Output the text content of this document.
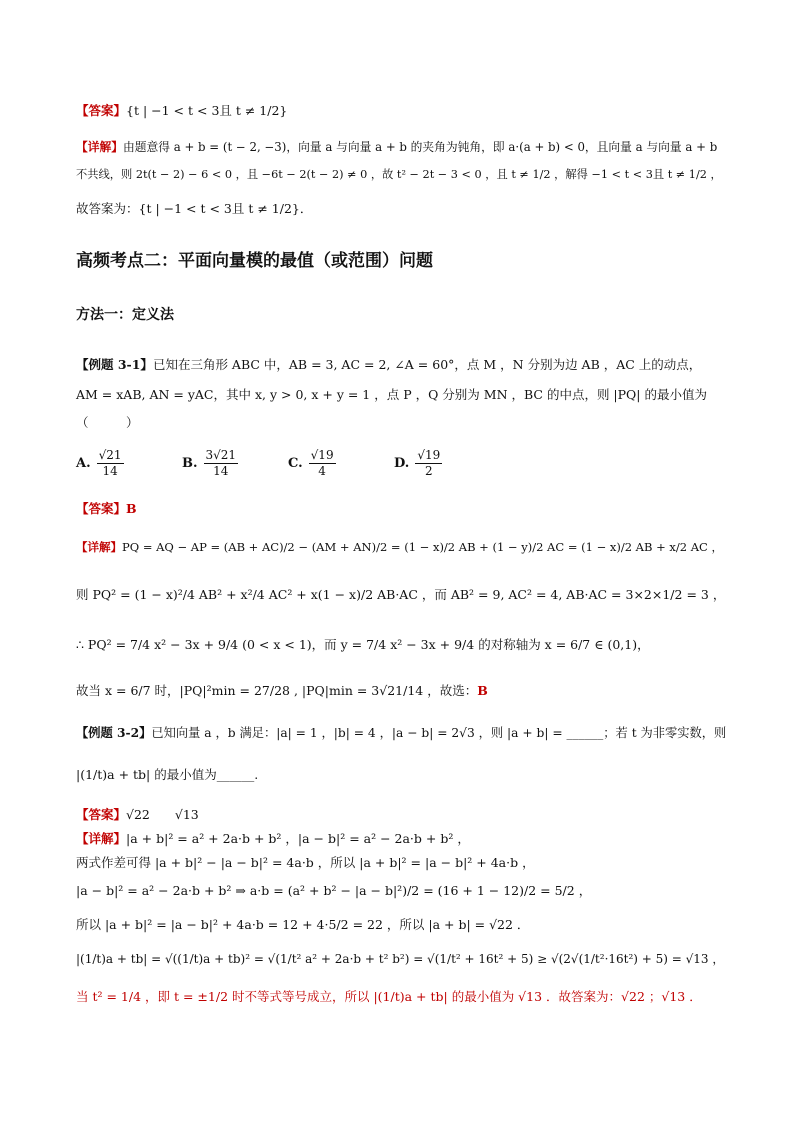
【答案】{t | −1 < t < 3且 t ≠ 1/2}
【详解】由题意得 a + b = (t − 2, −3)，向量 a 与向量 a + b 的夹角为钝角，即 a·(a + b) < 0，且向量 a 与向量 a + b
不共线，则 2t(t − 2) − 6 < 0 ，且 −6t − 2(t − 2) ≠ 0 ，故 t² − 2t − 3 < 0 ，且 t ≠ 1/2 ，解得 −1 < t < 3且 t ≠ 1/2 ，
故答案为：{t | −1 < t < 3且 t ≠ 1/2}．
高频考点二：平面向量模的最值（或范围）问题
方法一：定义法
【例题 3-1】已知在三角形 ABC 中，AB = 3, AC = 2, ∠A = 60°，点 M ，N 分别为边 AB ，AC 上的动点，
AM = xAB, AN = yAC，其中 x, y > 0, x + y = 1 ，点 P ，Q 分别为 MN ，BC 的中点，则 |PQ| 的最小值为
（　　　）
A. $\frac{√21}{14}$	B. $\frac{3√21}{14}$	C. $\frac{√19}{4}$	D. $\frac{√19}{2}$
【答案】B
【详解】PQ = AQ − AP = (AB + AC)/2 − (AM + AN)/2 = (1 − x)/2 AB + (1 − y)/2 AC = (1 − x)/2 AB + x/2 AC ，
则 PQ² = (1 − x)²/4 AB² + x²/4 AC² + x(1 − x)/2 AB·AC ，而 AB² = 9, AC² = 4, AB·AC = 3×2×1/2 = 3 ，
∴ PQ² = 7/4 x² − 3x + 9/4 (0 < x < 1)，而 y = 7/4 x² − 3x + 9/4 的对称轴为 x = 6/7 ∈ (0,1)，
故当 x = 6/7 时，|PQ|²min = 27/28 , |PQ|min = 3√21/14 ，故选：B
【例题 3-2】已知向量 a ，b 满足：|a| = 1 ，|b| = 4 ，|a − b| = 2√3 ，则 |a + b| = ______；若 t 为非零实数，则
|(1/t)a + tb| 的最小值为______.
【答案】√22　　√13
【详解】|a + b|² = a² + 2a·b + b² ，|a − b|² = a² − 2a·b + b² ，
两式作差可得 |a + b|² − |a − b|² = 4a·b ，所以 |a + b|² = |a − b|² + 4a·b ，
|a − b|² = a² − 2a·b + b² ⇒ a·b = (a² + b² − |a − b|²)/2 = (16 + 1 − 12)/2 = 5/2 ，
所以 |a + b|² = |a − b|² + 4a·b = 12 + 4·5/2 = 22 ，所以 |a + b| = √22 ．
|(1/t)a + tb| = √((1/t)a + tb)² = √(1/t² a² + 2a·b + t² b²) = √(1/t² + 16t² + 5) ≥ √(2√(1/t²·16t²) + 5) = √13 ，
当 t² = 1/4 ，即 t = ±1/2 时不等式等号成立，所以 |(1/t)a + tb| 的最小值为 √13 ．故答案为：√22 ；√13 ．
